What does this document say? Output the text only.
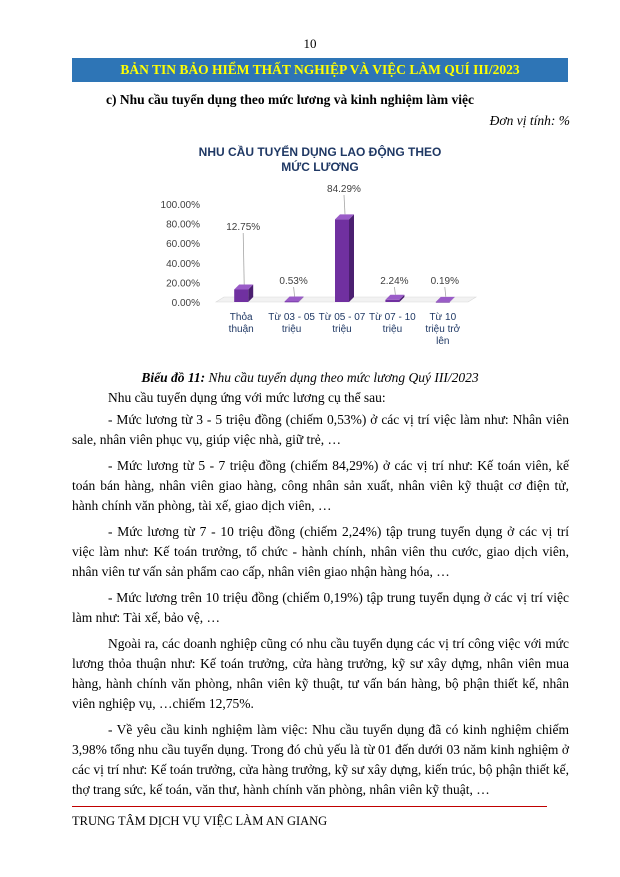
10
BẢN TIN BẢO HIỂM THẤT NGHIỆP VÀ VIỆC LÀM QUÍ III/2023
c) Nhu cầu tuyển dụng theo mức lương và kinh nghiệm làm việc
Đơn vị tính: %
NHU CẦU TUYỂN DỤNG LAO ĐỘNG THEO
MỨC LƯƠNG
0.00%
20.00%
40.00%
60.00%
80.00%
100.00%
12.75%
Thỏa
thuận
0.53%
Từ 03 - 05
triệu
84.29%
Từ 05 - 07
triệu
2.24%
Từ 07 - 10
triệu
0.19%
Từ 10
triệu trở
lên
Biểu đồ 11: Nhu cầu tuyển dụng theo mức lương Quý III/2023

Nhu cầu tuyển dụng ứng với mức lương cụ thể sau:

- Mức lương từ 3 - 5 triệu đồng (chiếm 0,53%) ở các vị trí việc làm như: Nhân viên sale, nhân viên phục vụ, giúp việc nhà, giữ trẻ, …

- Mức lương từ 5 - 7 triệu đồng (chiếm 84,29%) ở các vị trí như: Kế toán viên, kế toán bán hàng, nhân viên giao hàng, công nhân sản xuất, nhân viên kỹ thuật cơ điện tử, hành chính văn phòng, tài xế, giao dịch viên, …

- Mức lương từ 7 - 10 triệu đồng (chiếm 2,24%) tập trung tuyển dụng ở các vị trí việc làm như: Kế toán trưởng, tổ chức - hành chính, nhân viên thu cước, giao dịch viên, nhân viên tư vấn sản phẩm cao cấp, nhân viên giao nhận hàng hóa, …

- Mức lương trên 10 triệu đồng (chiếm 0,19%) tập trung tuyển dụng ở các vị trí việc làm như: Tài xế, bảo vệ, …

Ngoài ra, các doanh nghiệp cũng có nhu cầu tuyển dụng các vị trí công việc với mức lương thỏa thuận như: Kế toán trưởng, cửa hàng trưởng, kỹ sư xây dựng, nhân viên mua hàng, hành chính văn phòng, nhân viên kỹ thuật, tư vấn bán hàng, bộ phận thiết kế, nhân viên nghiệp vụ, …chiếm 12,75%.

- Về yêu cầu kinh nghiệm làm việc: Nhu cầu tuyển dụng đã có kinh nghiệm chiếm 3,98% tổng nhu cầu tuyển dụng. Trong đó chủ yếu là từ 01 đến dưới 03 năm kinh nghiệm ở các vị trí như: Kế toán trưởng, cửa hàng trưởng, kỹ sư xây dựng, kiến trúc, bộ phận thiết kế, thợ trang sức, kế toán, văn thư, hành chính văn phòng, nhân viên kỹ thuật, …

TRUNG TÂM DỊCH VỤ VIỆC LÀM AN GIANG
